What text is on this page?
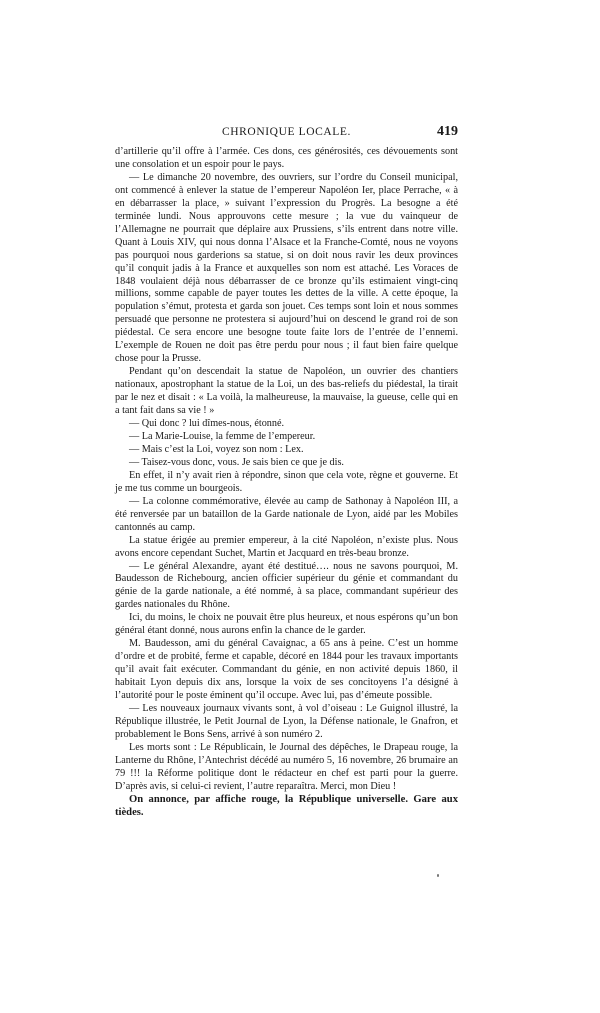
CHRONIQUE LOCALE.	419

d’artillerie qu’il offre à l’armée. Ces dons, ces générosités, ces dévouements sont une consolation et un espoir pour le pays.

— Le dimanche 20 novembre, des ouvriers, sur l’ordre du Conseil municipal, ont commencé à enlever la statue de l’empereur Napoléon Ier, place Perrache, « à en débarrasser la place, » suivant l’expression du Progrès. La besogne a été terminée lundi. Nous approuvons cette mesure ; la vue du vainqueur de l’Allemagne ne pourrait que déplaire aux Prussiens, s’ils entrent dans notre ville. Quant à Louis XIV, qui nous donna l’Alsace et la Franche-Comté, nous ne voyons pas pourquoi nous garderions sa statue, si on doit nous ravir les deux provinces qu’il conquit jadis à la France et auxquelles son nom est attaché. Les Voraces de 1848 voulaient déjà nous débarrasser de ce bronze qu’ils estimaient vingt-cinq millions, somme capable de payer toutes les dettes de la ville. A cette époque, la population s’émut, protesta et garda son jouet. Ces temps sont loin et nous sommes persuadé que personne ne protestera si aujourd’hui on descend le grand roi de son piédestal. Ce sera encore une besogne toute faite lors de l’entrée de l’ennemi. L’exemple de Rouen ne doit pas être perdu pour nous ; il faut bien faire quelque chose pour la Prusse.

Pendant qu’on descendait la statue de Napoléon, un ouvrier des chantiers nationaux, apostrophant la statue de la Loi, un des bas-reliefs du piédestal, la tirait par le nez et disait : « La voilà, la malheureuse, la mauvaise, la gueuse, celle qui en a tant fait dans sa vie ! »

— Qui donc ? lui dîmes-nous, étonné.

— La Marie-Louise, la femme de l’empereur.

— Mais c’est la Loi, voyez son nom : Lex.

— Taisez-vous donc, vous. Je sais bien ce que je dis.

En effet, il n’y avait rien à répondre, sinon que cela vote, règne et gouverne. Et je me tus comme un bourgeois.

— La colonne commémorative, élevée au camp de Sathonay à Napoléon III, a été renversée par un bataillon de la Garde nationale de Lyon, aidé par les Mobiles cantonnés au camp.

La statue érigée au premier empereur, à la cité Napoléon, n’existe plus. Nous avons encore cependant Suchet, Martin et Jacquard en très-beau bronze.

— Le général Alexandre, ayant été destitué…. nous ne savons pourquoi, M. Baudesson de Richebourg, ancien officier supérieur du génie et commandant du génie de la garde nationale, a été nommé, à sa place, commandant supérieur des gardes nationales du Rhône.

Ici, du moins, le choix ne pouvait être plus heureux, et nous espérons qu’un bon général étant donné, nous aurons enfin la chance de le garder.

M. Baudesson, ami du général Cavaignac, a 65 ans à peine. C’est un homme d’ordre et de probité, ferme et capable, décoré en 1844 pour les travaux importants qu’il avait fait exécuter. Commandant du génie, en non activité depuis 1860, il habitait Lyon depuis dix ans, lorsque la voix de ses concitoyens l’a désigné à l’autorité pour le poste éminent qu’il occupe. Avec lui, pas d’émeute possible.

— Les nouveaux journaux vivants sont, à vol d’oiseau : Le Guignol illustré, la République illustrée, le Petit Journal de Lyon, la Défense nationale, le Gnafron, et probablement le Bons Sens, arrivé à son numéro 2.

Les morts sont : Le Républicain, le Journal des dépêches, le Drapeau rouge, la Lanterne du Rhône, l’Antechrist décédé au numéro 5, 16 novembre, 26 brumaire an 79 !!! la Réforme politique dont le rédacteur en chef est parti pour la guerre. D’après avis, si celui-ci revient, l’autre reparaîtra. Merci, mon Dieu !

On annonce, par affiche rouge, la République universelle. Gare aux tièdes.
